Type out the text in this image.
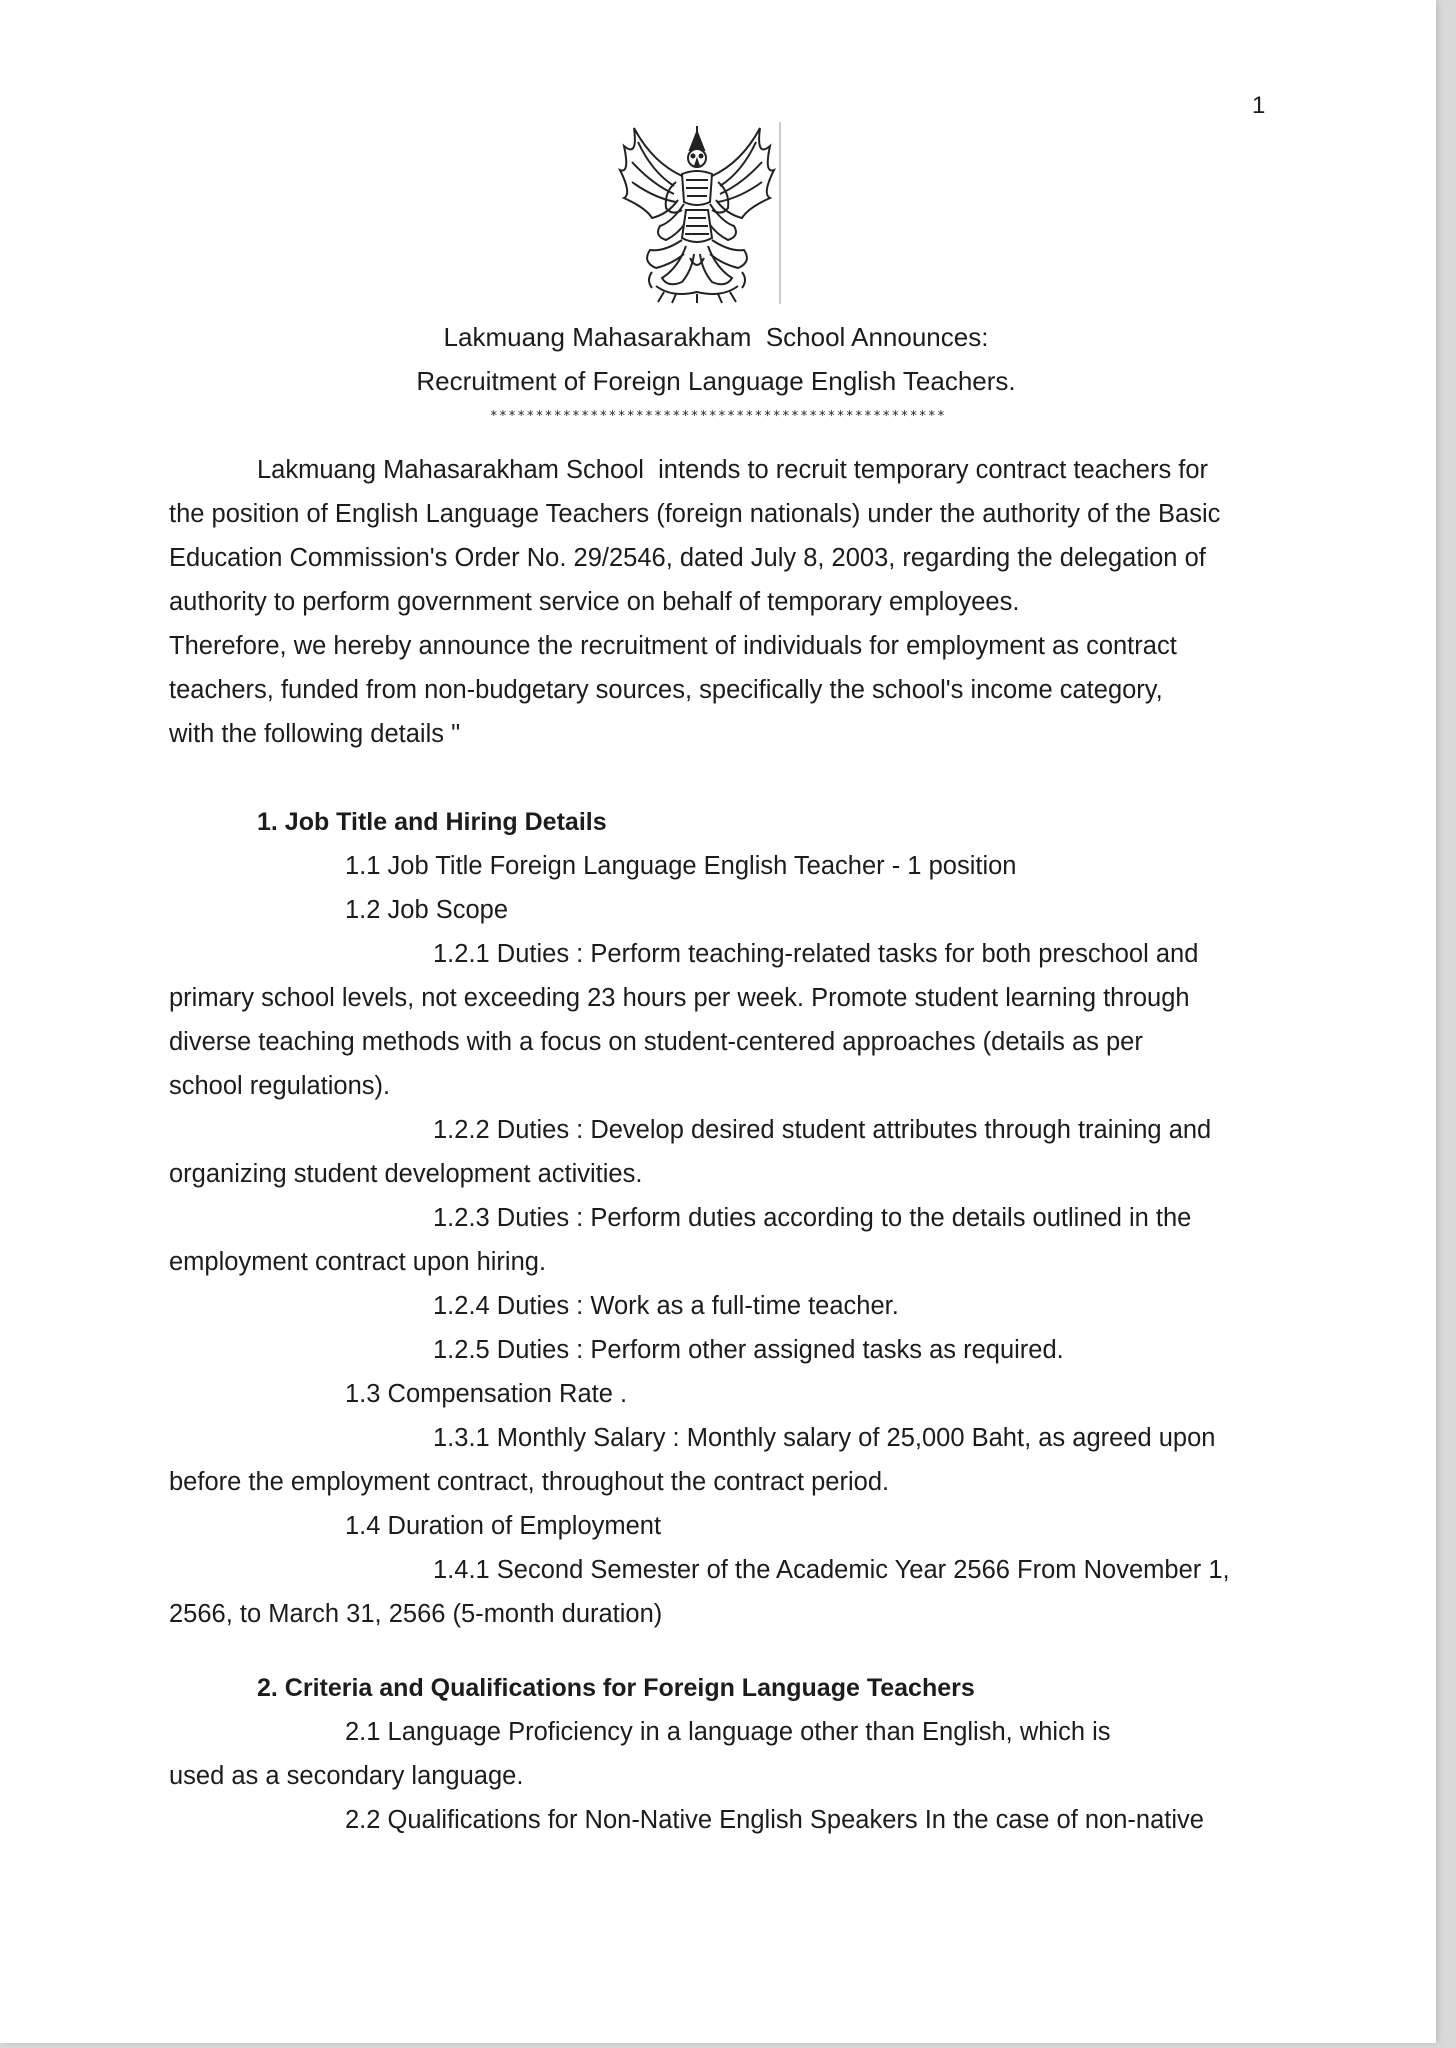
1
Lakmuang Mahasarakham  School Announces:
Recruitment of Foreign Language English Teachers.
**************************************************
Lakmuang Mahasarakham School  intends to recruit temporary contract teachers for
the position of English Language Teachers (foreign nationals) under the authority of the Basic
Education Commission's Order No. 29/2546, dated July 8, 2003, regarding the delegation of
authority to perform government service on behalf of temporary employees.
Therefore, we hereby announce the recruitment of individuals for employment as contract
teachers, funded from non-budgetary sources, specifically the school's income category,
with the following details "
1. Job Title and Hiring Details
1.1 Job Title Foreign Language English Teacher - 1 position
1.2 Job Scope
1.2.1 Duties : Perform teaching-related tasks for both preschool and
primary school levels, not exceeding 23 hours per week. Promote student learning through
diverse teaching methods with a focus on student-centered approaches (details as per
school regulations).
1.2.2 Duties : Develop desired student attributes through training and
organizing student development activities.
1.2.3 Duties : Perform duties according to the details outlined in the
employment contract upon hiring.
1.2.4 Duties : Work as a full-time teacher.
1.2.5 Duties : Perform other assigned tasks as required.
1.3 Compensation Rate .
1.3.1 Monthly Salary : Monthly salary of 25,000 Baht, as agreed upon
before the employment contract, throughout the contract period.
1.4 Duration of Employment
1.4.1 Second Semester of the Academic Year 2566 From November 1,
2566, to March 31, 2566 (5-month duration)
2. Criteria and Qualifications for Foreign Language Teachers
2.1 Language Proficiency in a language other than English, which is
used as a secondary language.
2.2 Qualifications for Non-Native English Speakers In the case of non-native
